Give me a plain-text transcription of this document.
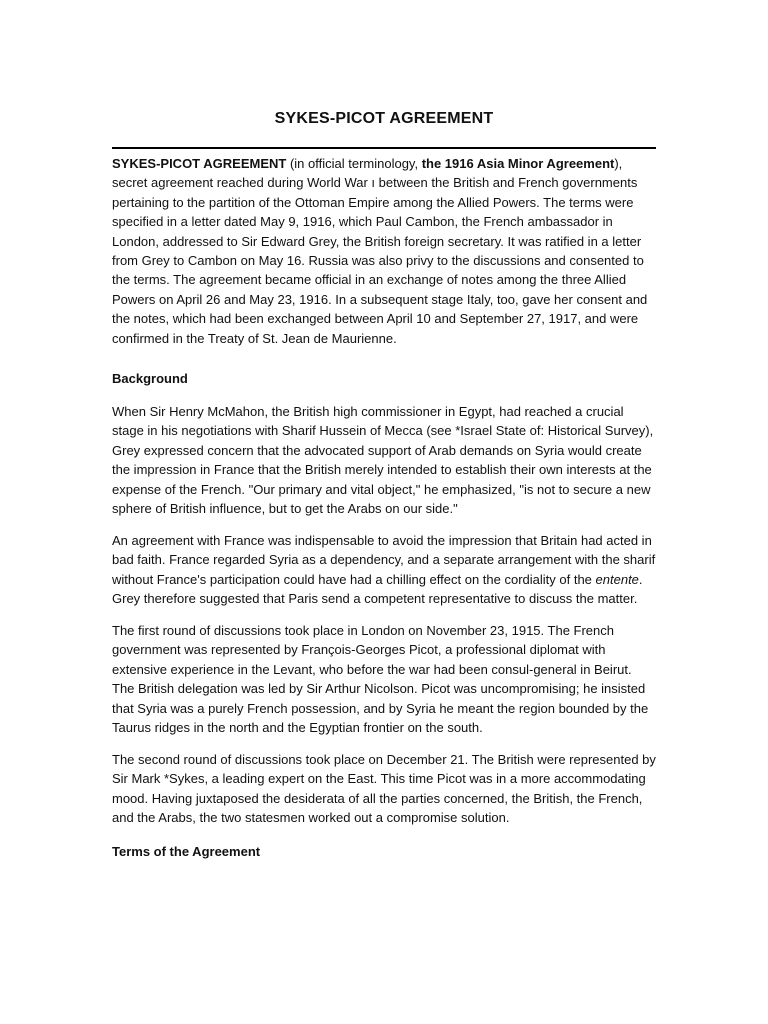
SYKES-PICOT AGREEMENT

SYKES-PICOT AGREEMENT (in official terminology, the 1916 Asia Minor Agreement),
secret agreement reached during World War ı between the British and French governments pertaining to the partition of the Ottoman Empire among the Allied Powers. The terms were specified in a letter dated May 9, 1916, which Paul Cambon, the French ambassador in London, addressed to Sir Edward Grey, the British foreign secretary. It was ratified in a letter from Grey to Cambon on May 16. Russia was also privy to the discussions and consented to the terms. The agreement became official in an exchange of notes among the three Allied Powers on April 26 and May 23, 1916. In a subsequent stage Italy, too, gave her consent and the notes, which had been exchanged between April 10 and September 27, 1917, and were confirmed in the Treaty of St. Jean de Maurienne.

Background

When Sir Henry McMahon, the British high commissioner in Egypt, had reached a crucial stage in his negotiations with Sharif Hussein of Mecca (see *Israel State of: Historical Survey), Grey expressed concern that the advocated support of Arab demands on Syria would create the impression in France that the British merely intended to establish their own interests at the expense of the French. "Our primary and vital object," he emphasized, "is not to secure a new sphere of British influence, but to get the Arabs on our side."

An agreement with France was indispensable to avoid the impression that Britain had acted in bad faith. France regarded Syria as a dependency, and a separate arrangement with the sharif without France's participation could have had a chilling effect on the cordiality of the entente. Grey therefore suggested that Paris send a competent representative to discuss the matter.

The first round of discussions took place in London on November 23, 1915. The French government was represented by François-Georges Picot, a professional diplomat with extensive experience in the Levant, who before the war had been consul-general in Beirut. The British delegation was led by Sir Arthur Nicolson. Picot was uncompromising; he insisted that Syria was a purely French possession, and by Syria he meant the region bounded by the Taurus ridges in the north and the Egyptian frontier on the south.

The second round of discussions took place on December 21. The British were represented by Sir Mark *Sykes, a leading expert on the East. This time Picot was in a more accommodating mood. Having juxtaposed the desiderata of all the parties concerned, the British, the French, and the Arabs, the two statesmen worked out a compromise solution.

Terms of the Agreement
